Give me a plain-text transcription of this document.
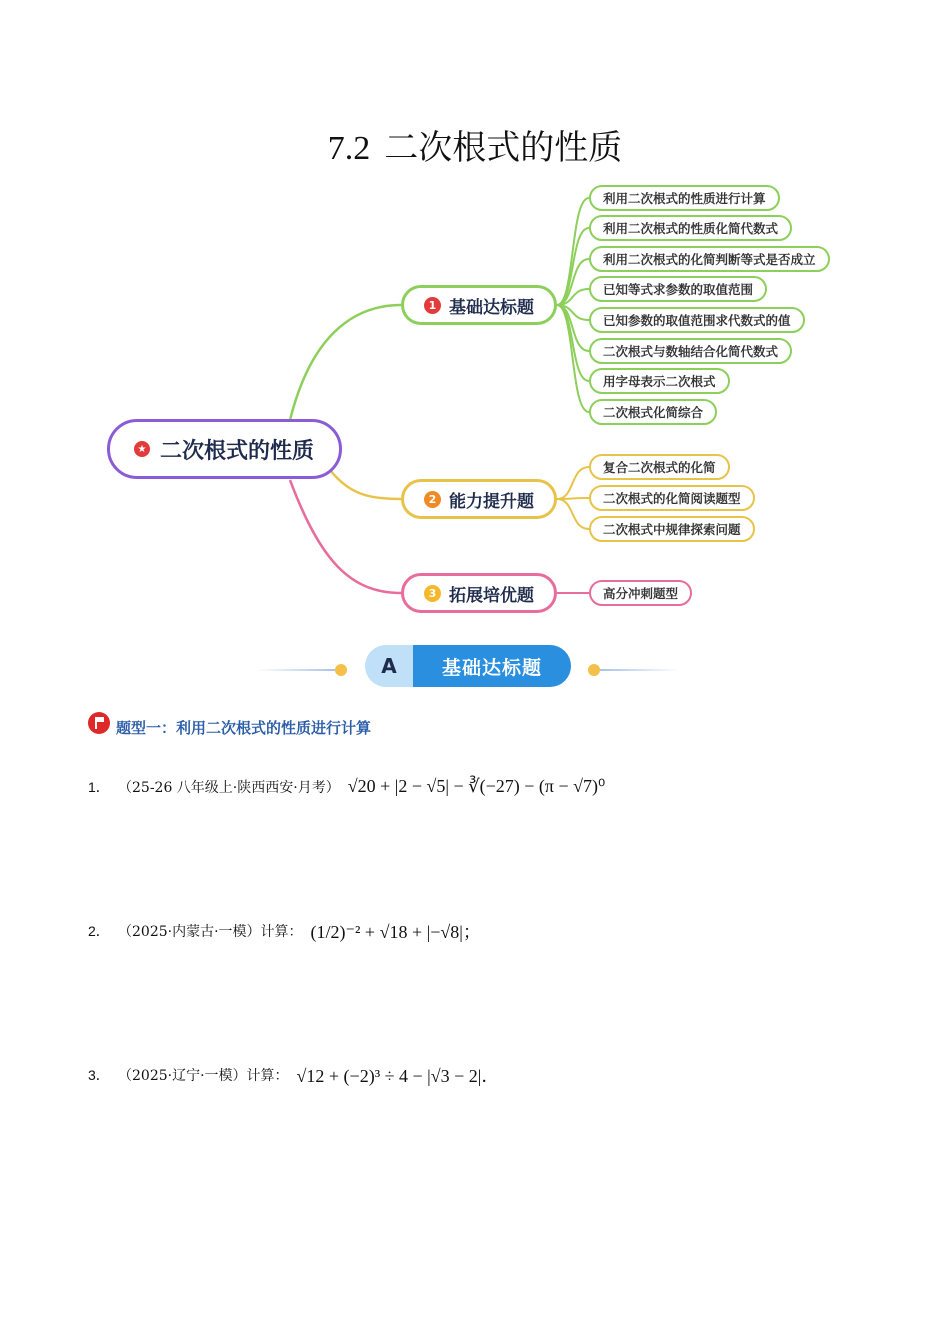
7.2 二次根式的性质
★ 二次根式的性质
1 基础达标题
2 能力提升题
3 拓展培优题
利用二次根式的性质进行计算
利用二次根式的性质化简代数式
利用二次根式的化简判断等式是否成立
已知等式求参数的取值范围
已知参数的取值范围求代数式的值
二次根式与数轴结合化简代数式
用字母表示二次根式
二次根式化简综合
复合二次根式的化简
二次根式的化简阅读题型
二次根式中规律探索问题
高分冲刺题型
A	基础达标题
题型一：利用二次根式的性质进行计算
1． （25-26 八年级上·陕西西安·月考） √20 + |2 − √5| − ∛(−27) − (π − √7)⁰
2． （2025·内蒙古·一模）计算： (1/2)⁻² + √18 + |−√8|；
3． （2025·辽宁·一模）计算： √12 + (−2)³ ÷ 4 − |√3 − 2|．
